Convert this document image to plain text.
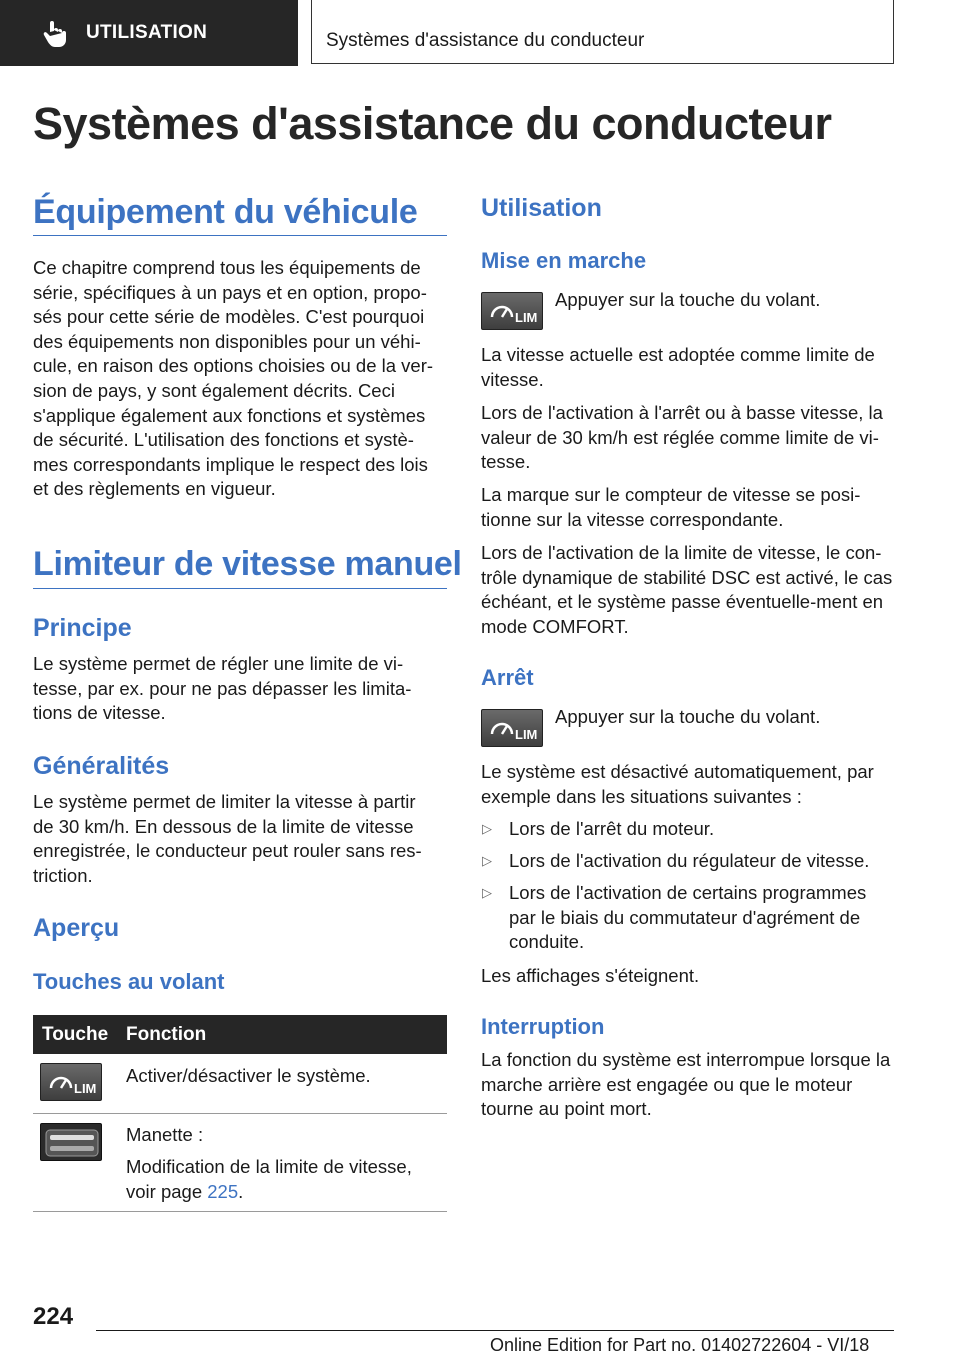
UTILISATION	Systèmes d'assistance du conducteur
Systèmes d'assistance du conducteur
Équipement du véhicule

Ce chapitre comprend tous les équipements de série, spécifiques à un pays et en option, propo-sés pour cette série de modèles. C'est pourquoi des équipements non disponibles pour un véhi-cule, en raison des options choisies ou de la ver-sion de pays, y sont également décrits. Ceci s'applique également aux fonctions et systèmes de sécurité. L'utilisation des fonctions et systè-mes correspondants implique le respect des lois et des règlements en vigueur.

Limiteur de vitesse manuel
Principe

Le système permet de régler une limite de vi-tesse, par ex. pour ne pas dépasser les limita-tions de vitesse.

Généralités

Le système permet de limiter la vitesse à partir de 30 km/h. En dessous de la limite de vitesse enregistrée, le conducteur peut rouler sans res-triction.

Aperçu
Touches au volant
Touche Fonction
LIM

Activer/désactiver le système.

Manette :

Modification de la limite de vitesse, voir page 225.

Utilisation
Mise en marche
LIM

Appuyer sur la touche du volant.

La vitesse actuelle est adoptée comme limite de vitesse.

Lors de l'activation à l'arrêt ou à basse vitesse, la valeur de 30 km/h est réglée comme limite de vi-tesse.

La marque sur le compteur de vitesse se posi-tionne sur la vitesse correspondante.

Lors de l'activation de la limite de vitesse, le con-trôle dynamique de stabilité DSC est activé, le cas échéant, et le système passe éventuelle-ment en mode COMFORT.

Arrêt
LIM

Appuyer sur la touche du volant.

Le système est désactivé automatiquement, par exemple dans les situations suivantes :

▷ Lors de l'arrêt du moteur.

▷ Lors de l'activation du régulateur de vitesse.

▷ Lors de l'activation de certains programmes par le biais du commutateur d'agrément de conduite.

Les affichages s'éteignent.

Interruption

La fonction du système est interrompue lorsque la marche arrière est engagée ou que le moteur tourne au point mort.

224
Online Edition for Part no. 01402722604 - VI/18
